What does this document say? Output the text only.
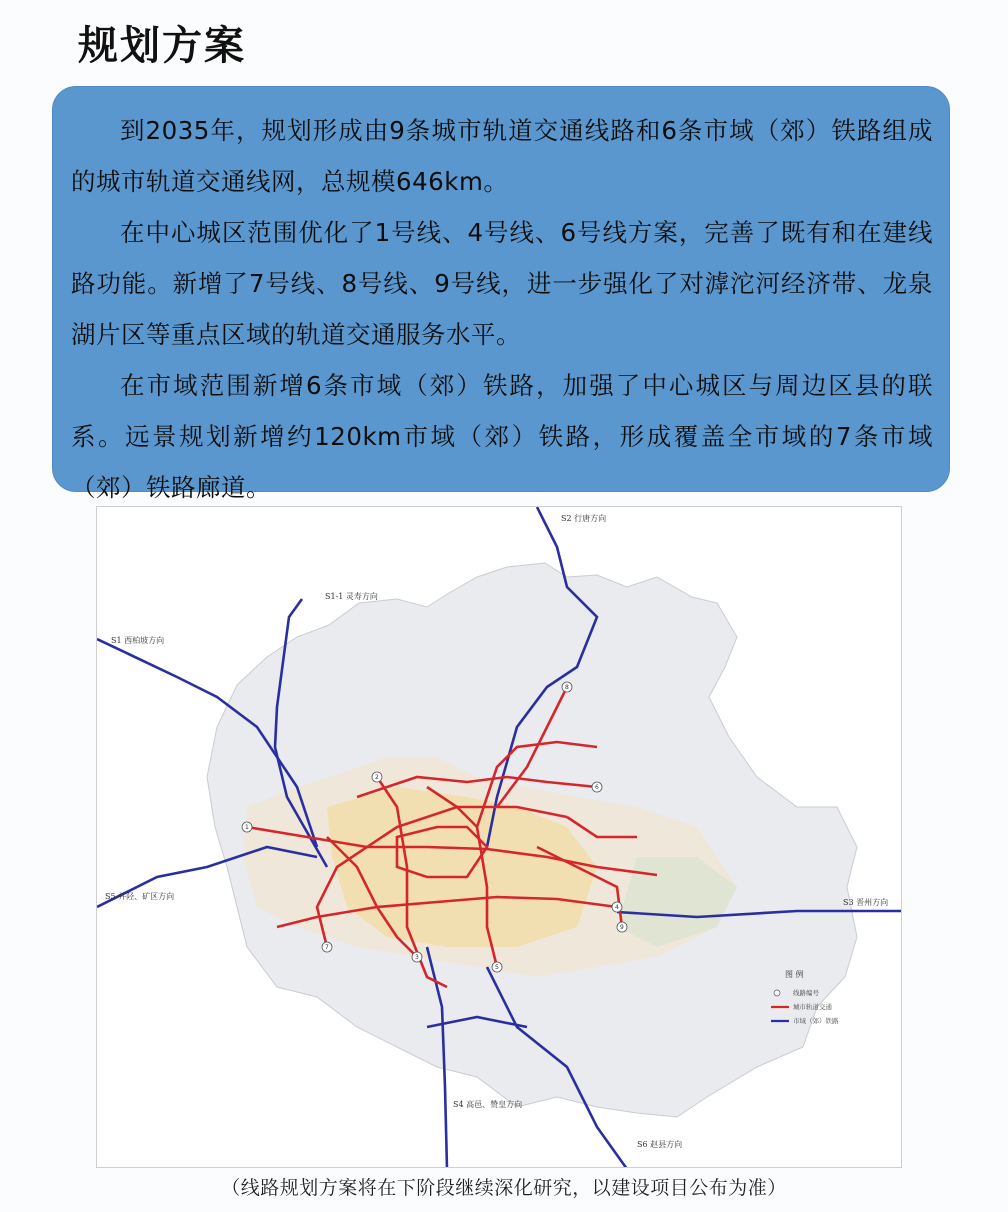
规划方案

到2035年，规划形成由9条城市轨道交通线路和6条市域（郊）铁路组成的城市轨道交通线网，总规模646km。

在中心城区范围优化了1号线、4号线、6号线方案，完善了既有和在建线路功能。新增了7号线、8号线、9号线，进一步强化了对滹沱河经济带、龙泉湖片区等重点区域的轨道交通服务水平。

在市域范围新增6条市域（郊）铁路，加强了中心城区与周边区县的联系。远景规划新增约120km市域（郊）铁路，形成覆盖全市域的7条市域（郊）铁路廊道。

1
2
3
4
5
6
7
8
9
S1-1 灵寿方向
S1 西柏坡方向
S5 井陉、矿区方向
S3 晋州方向
S2 行唐方向
S4 高邑、赞皇方向
S6 赵县方向
图 例
线路编号
城市轨道交通
市域（郊）铁路
（线路规划方案将在下阶段继续深化研究，以建设项目公布为准）
